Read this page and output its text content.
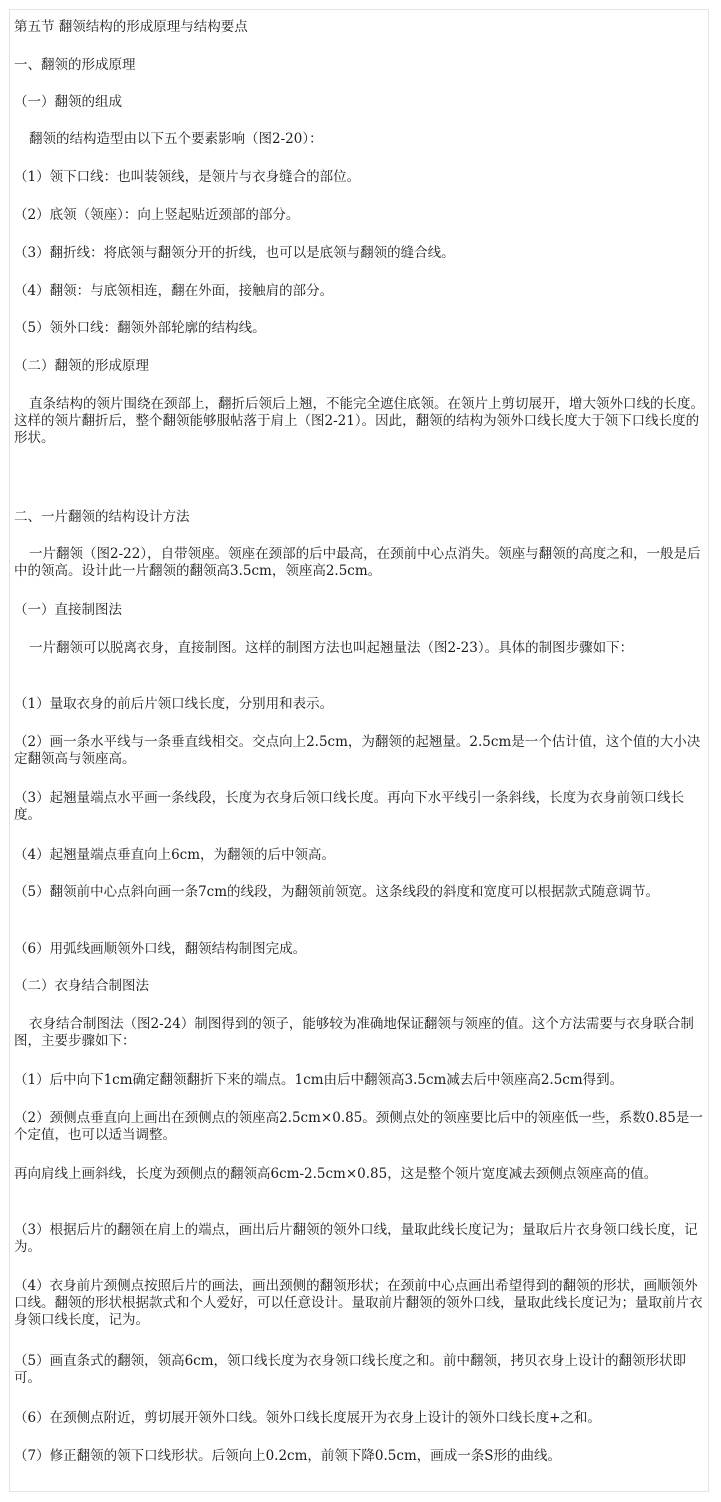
第五节 翻领结构的形成原理与结构要点

一、翻领的形成原理

（一）翻领的组成

翻领的结构造型由以下五个要素影响（图2-20）：

（1）领下口线：也叫装领线，是领片与衣身缝合的部位。

（2）底领（领座）：向上竖起贴近颈部的部分。

（3）翻折线：将底领与翻领分开的折线，也可以是底领与翻领的缝合线。

（4）翻领：与底领相连，翻在外面，接触肩的部分。

（5）领外口线：翻领外部轮廓的结构线。

（二）翻领的形成原理

直条结构的领片围绕在颈部上，翻折后领后上翘，不能完全遮住底领。在领片上剪切展开，增大领外口线的长度。这样的领片翻折后，整个翻领能够服帖落于肩上（图2-21）。因此，翻领的结构为领外口线长度大于领下口线长度的形状。

二、一片翻领的结构设计方法

一片翻领（图2-22），自带领座。领座在颈部的后中最高，在颈前中心点消失。领座与翻领的高度之和，一般是后中的领高。设计此一片翻领的翻领高3.5cm，领座高2.5cm。

（一）直接制图法

一片翻领可以脱离衣身，直接制图。这样的制图方法也叫起翘量法（图2-23）。具体的制图步骤如下：

（1）量取衣身的前后片领口线长度，分别用和表示。

（2）画一条水平线与一条垂直线相交。交点向上2.5cm，为翻领的起翘量。2.5cm是一个估计值，这个值的大小决定翻领高与领座高。

（3）起翘量端点水平画一条线段，长度为衣身后领口线长度。再向下水平线引一条斜线，长度为衣身前领口线长度。

（4）起翘量端点垂直向上6cm，为翻领的后中领高。

（5）翻领前中心点斜向画一条7cm的线段，为翻领前领宽。这条线段的斜度和宽度可以根据款式随意调节。

（6）用弧线画顺领外口线，翻领结构制图完成。

（二）衣身结合制图法

衣身结合制图法（图2-24）制图得到的领子，能够较为准确地保证翻领与领座的值。这个方法需要与衣身联合制图，主要步骤如下：

（1）后中向下1cm确定翻领翻折下来的端点。1cm由后中翻领高3.5cm减去后中领座高2.5cm得到。

（2）颈侧点垂直向上画出在颈侧点的领座高2.5cm×0.85。颈侧点处的领座要比后中的领座低一些，系数0.85是一个定值，也可以适当调整。

再向肩线上画斜线，长度为颈侧点的翻领高6cm-2.5cm×0.85，这是整个领片宽度减去颈侧点领座高的值。

（3）根据后片的翻领在肩上的端点，画出后片翻领的领外口线，量取此线长度记为；量取后片衣身领口线长度，记为。

（4）衣身前片颈侧点按照后片的画法，画出颈侧的翻领形状；在颈前中心点画出希望得到的翻领的形状，画顺领外口线。翻领的形状根据款式和个人爱好，可以任意设计。量取前片翻领的领外口线，量取此线长度记为；量取前片衣身领口线长度，记为。

（5）画直条式的翻领，领高6cm，领口线长度为衣身领口线长度之和。前中翻领，拷贝衣身上设计的翻领形状即可。

（6）在颈侧点附近，剪切展开领外口线。领外口线长度展开为衣身上设计的领外口线长度+之和。

（7）修正翻领的领下口线形状。后领向上0.2cm，前领下降0.5cm，画成一条S形的曲线。
